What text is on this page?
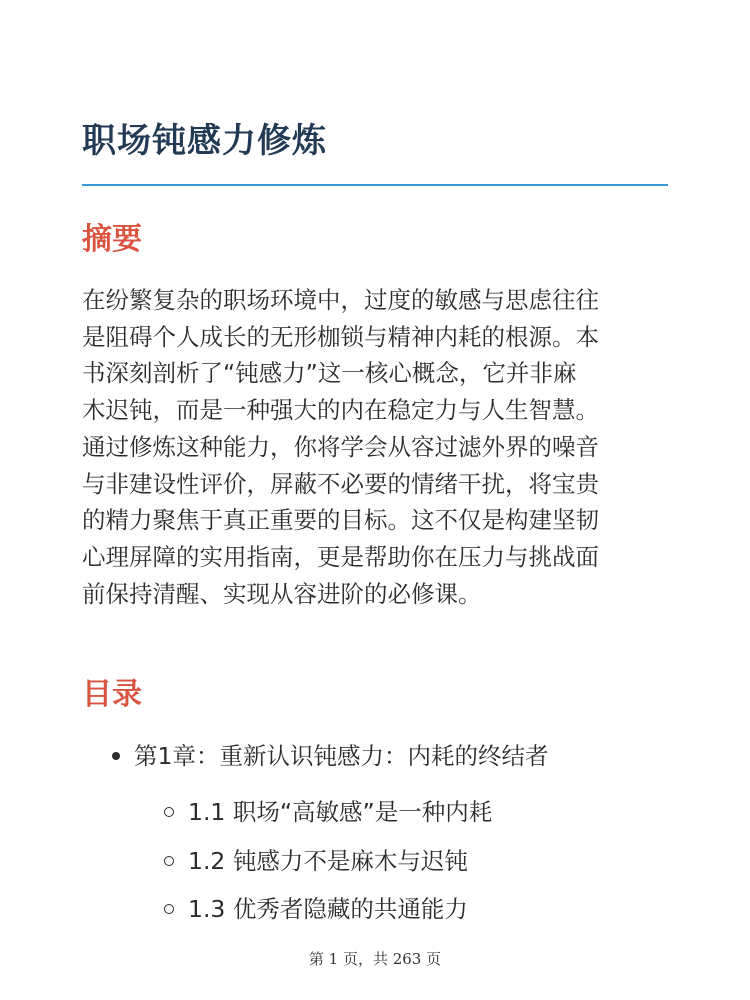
职场钝感力修炼
摘要

在纷繁复杂的职场环境中，过度的敏感与思虑往往
是阻碍个人成长的无形枷锁与精神内耗的根源。本
书深刻剖析了“钝感力”这一核心概念，它并非麻
木迟钝，而是一种强大的内在稳定力与人生智慧。
通过修炼这种能力，你将学会从容过滤外界的噪音
与非建设性评价，屏蔽不必要的情绪干扰，将宝贵
的精力聚焦于真正重要的目标。这不仅是构建坚韧
心理屏障的实用指南，更是帮助你在压力与挑战面
前保持清醒、实现从容进阶的必修课。

目录
第1章：重新认识钝感力：内耗的终结者
1.1 职场“高敏感”是一种内耗
1.2 钝感力不是麻木与迟钝
1.3 优秀者隐藏的共通能力
第 1 页，共 263 页
